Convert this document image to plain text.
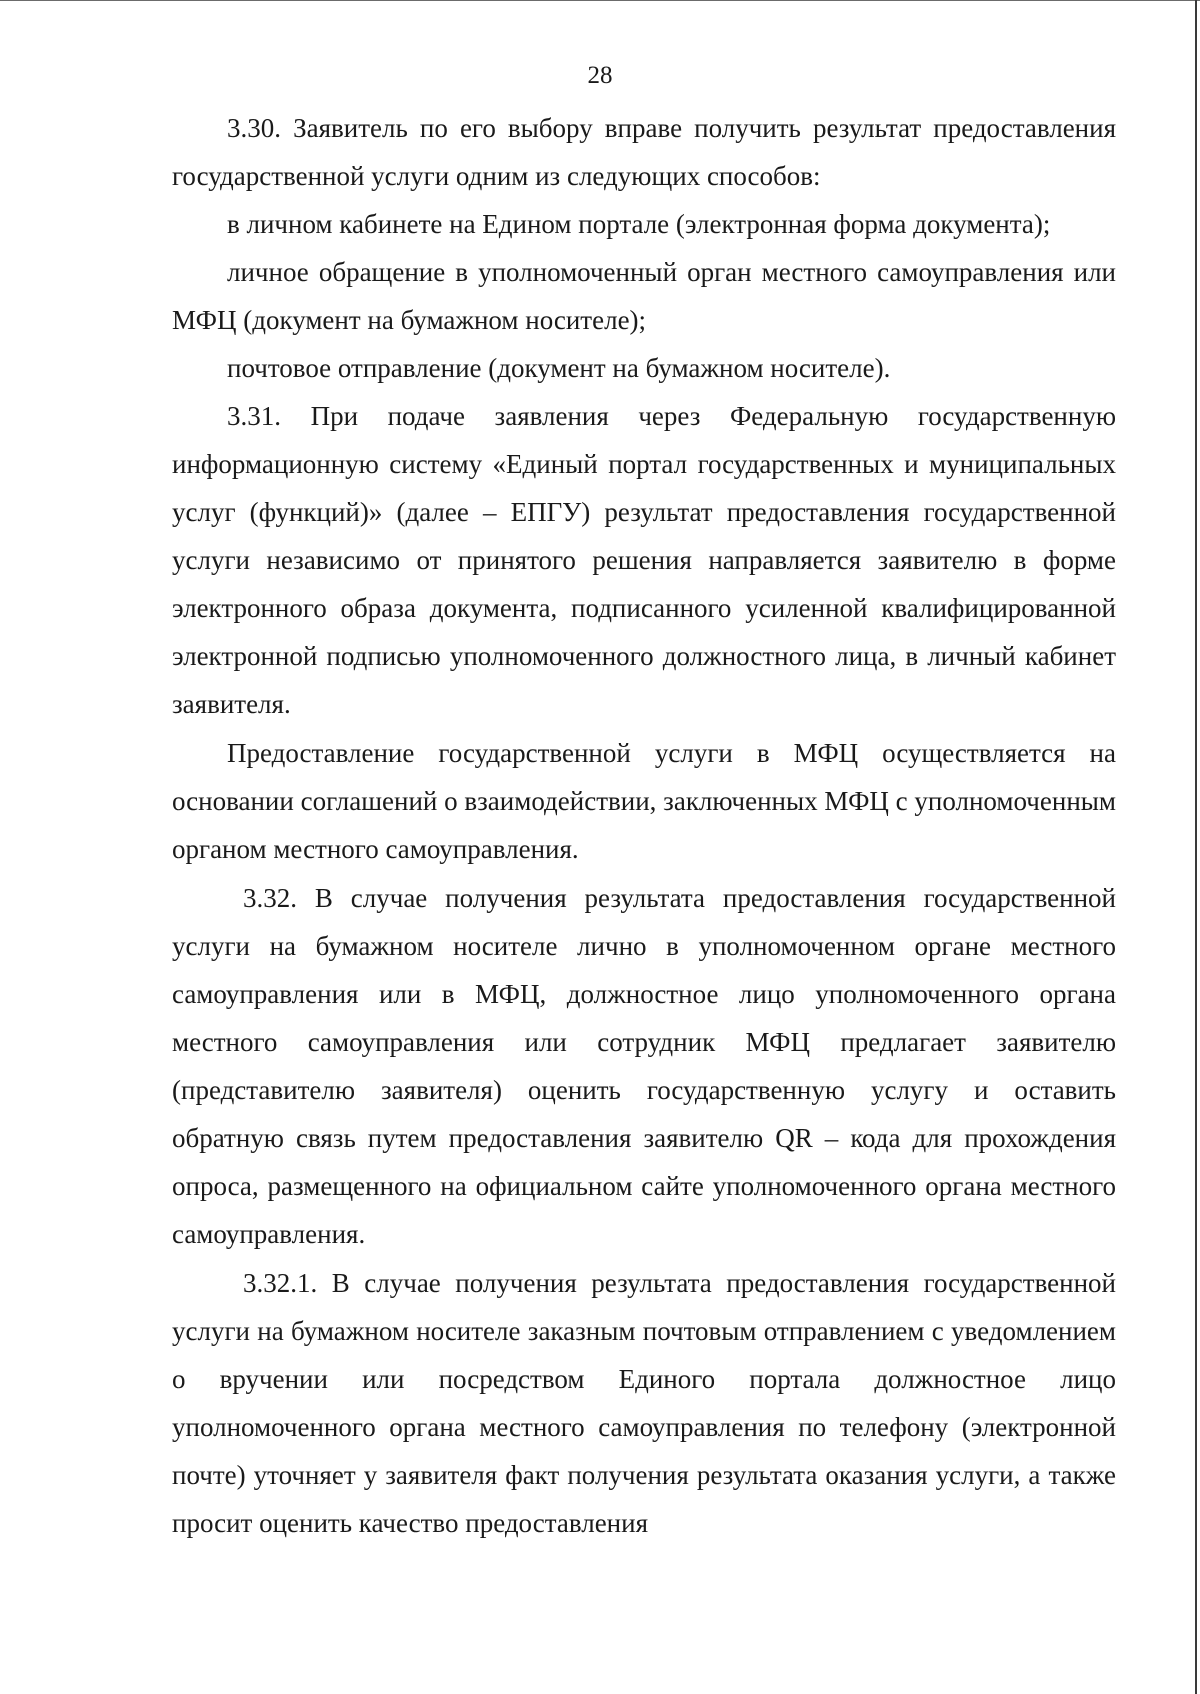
28

3.30. Заявитель по его выбору вправе получить результат предоставления государственной услуги одним из следующих способов:

в личном кабинете на Едином портале (электронная форма документа);

личное обращение в уполномоченный орган местного самоуправления или МФЦ (документ на бумажном носителе);

почтовое отправление (документ на бумажном носителе).

3.31. При подаче заявления через Федеральную государственную информационную систему «Единый портал государственных и муниципальных услуг (функций)» (далее – ЕПГУ) результат предоставления государственной услуги независимо от принятого решения направляется заявителю в форме электронного образа документа, подписанного усиленной квалифицированной электронной подписью уполномоченного должностного лица, в личный кабинет заявителя.

Предоставление государственной услуги в МФЦ осуществляется на основании соглашений о взаимодействии, заключенных МФЦ с уполномоченным органом местного самоуправления.

3.32. В случае получения результата предоставления государственной услуги на бумажном носителе лично в уполномоченном органе местного самоуправления или в МФЦ, должностное лицо уполномоченного органа местного самоуправления или сотрудник МФЦ предлагает заявителю (представителю заявителя) оценить государственную услугу и оставить обратную связь путем предоставления заявителю QR – кода для прохождения опроса, размещенного на официальном сайте уполномоченного органа местного самоуправления.

3.32.1. В случае получения результата предоставления государственной услуги на бумажном носителе заказным почтовым отправлением с уведомлением о вручении или посредством Единого портала должностное лицо уполномоченного органа местного самоуправления по телефону (электронной почте) уточняет у заявителя факт получения результата оказания услуги, а также просит оценить качество предоставления
